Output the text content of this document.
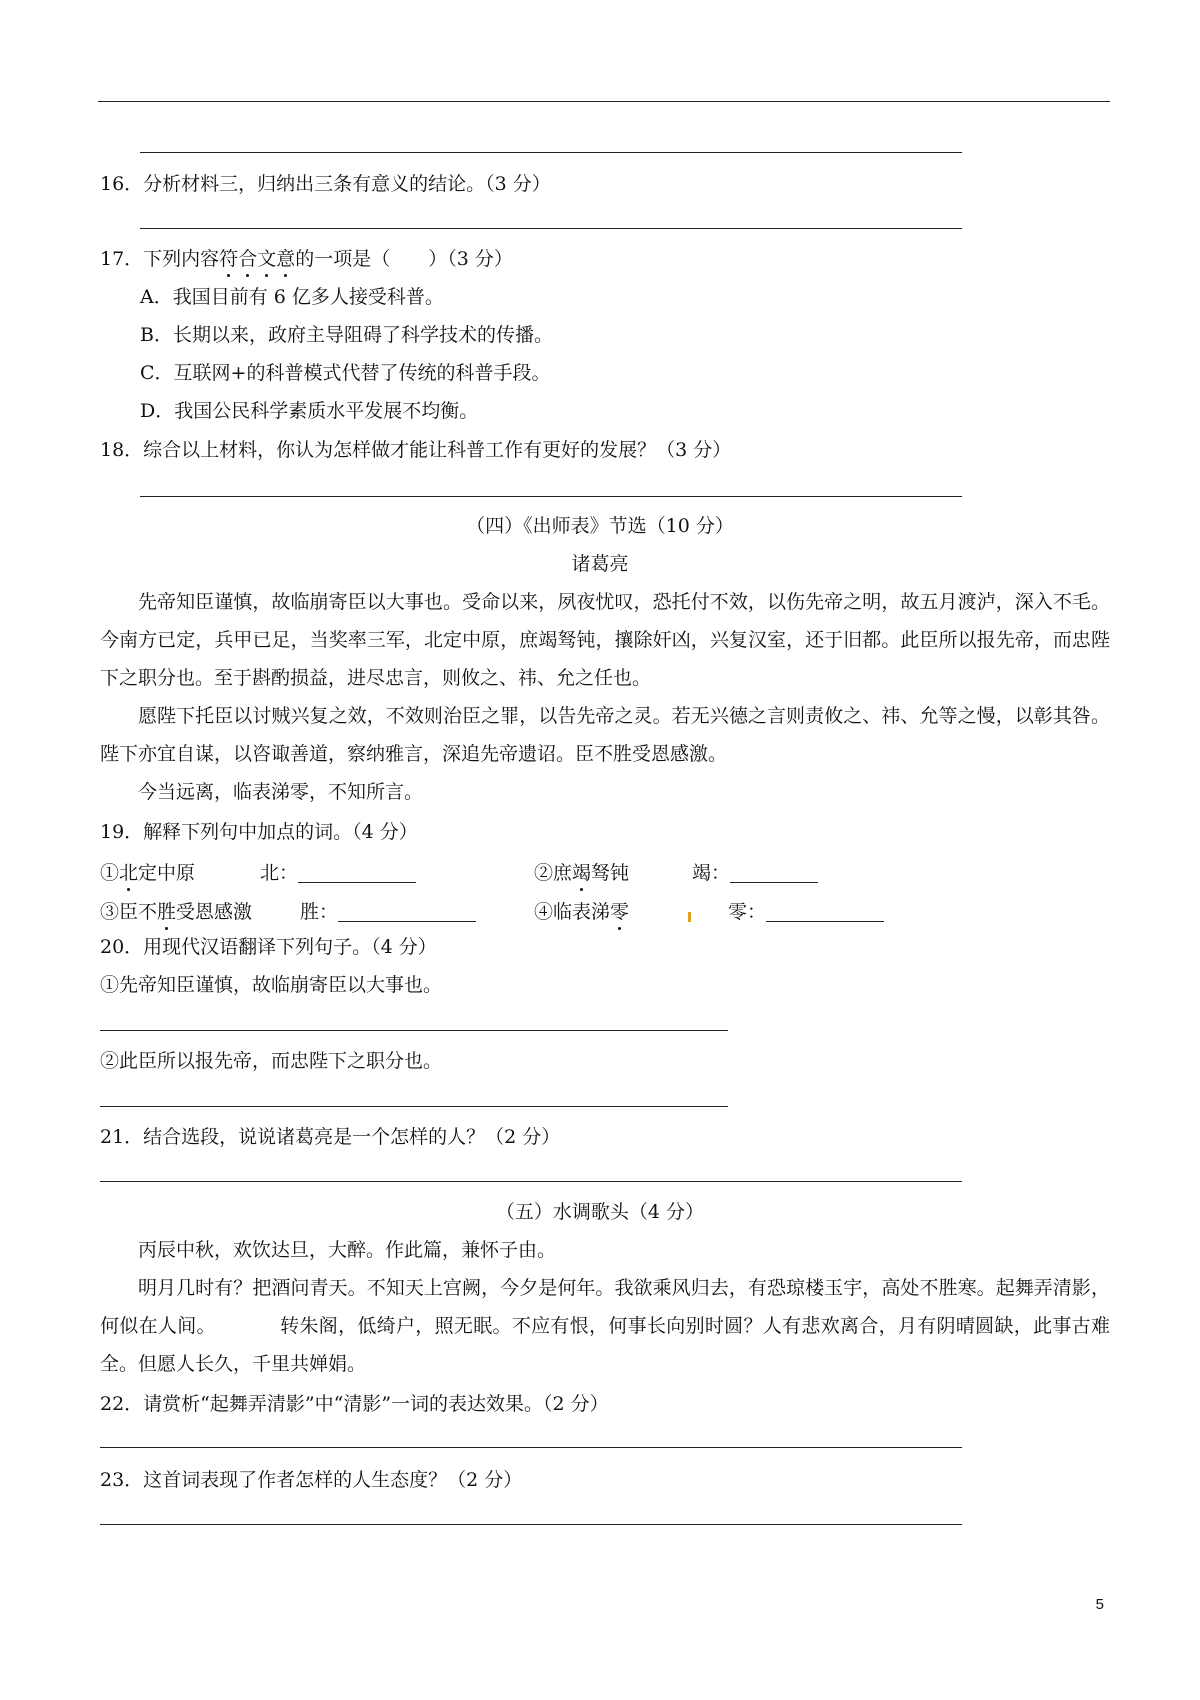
16．分析材料三，归纳出三条有意义的结论。（3 分）
17．下列内容符合文意的一项是（　　）（3 分）
A．我国目前有 6 亿多人接受科普。
B．长期以来，政府主导阻碍了科学技术的传播。
C．互联网+的科普模式代替了传统的科普手段。
D．我国公民科学素质水平发展不均衡。
18．综合以上材料，你认为怎样做才能让科普工作有更好的发展？（3 分）
（四）《出师表》节选（10 分）
诸葛亮
先帝知臣谨慎，故临崩寄臣以大事也。受命以来，夙夜忧叹，恐托付不效，以伤先帝之明，故五月渡泸，深入不毛。今南方已定，兵甲已足，当奖率三军，北定中原，庶竭驽钝，攘除奸凶，兴复汉室，还于旧都。此臣所以报先帝，而忠陛下之职分也。至于斟酌损益，进尽忠言，则攸之、祎、允之任也。
愿陛下托臣以讨贼兴复之效，不效则治臣之罪，以告先帝之灵。若无兴德之言则责攸之、祎、允等之慢，以彰其咎。陛下亦宜自谋，以咨诹善道，察纳雅言，深追先帝遗诏。臣不胜受恩感激。
今当远离，临表涕零，不知所言。
19．解释下列句中加点的词。（4 分）
①北定中原	北：	②庶竭驽钝	竭：
③臣不胜受恩感激	胜：	④临表涕零	零：
20．用现代汉语翻译下列句子。（4 分）
①先帝知臣谨慎，故临崩寄臣以大事也。
②此臣所以报先帝，而忠陛下之职分也。
21．结合选段，说说诸葛亮是一个怎样的人？（2 分）
（五）水调歌头（4 分）
丙辰中秋，欢饮达旦，大醉。作此篇，兼怀子由。
明月几时有？把酒问青天。不知天上宫阙，今夕是何年。我欲乘风归去，有恐琼楼玉宇，高处不胜寒。起舞弄清影，何似在人间。	转朱阁，低绮户，照无眠。不应有恨，何事长向别时圆？人有悲欢离合，月有阴晴圆缺，此事古难全。但愿人长久，千里共婵娟。
22．请赏析“起舞弄清影”中“清影”一词的表达效果。（2 分）
23．这首词表现了作者怎样的人生态度？（2 分）
5
